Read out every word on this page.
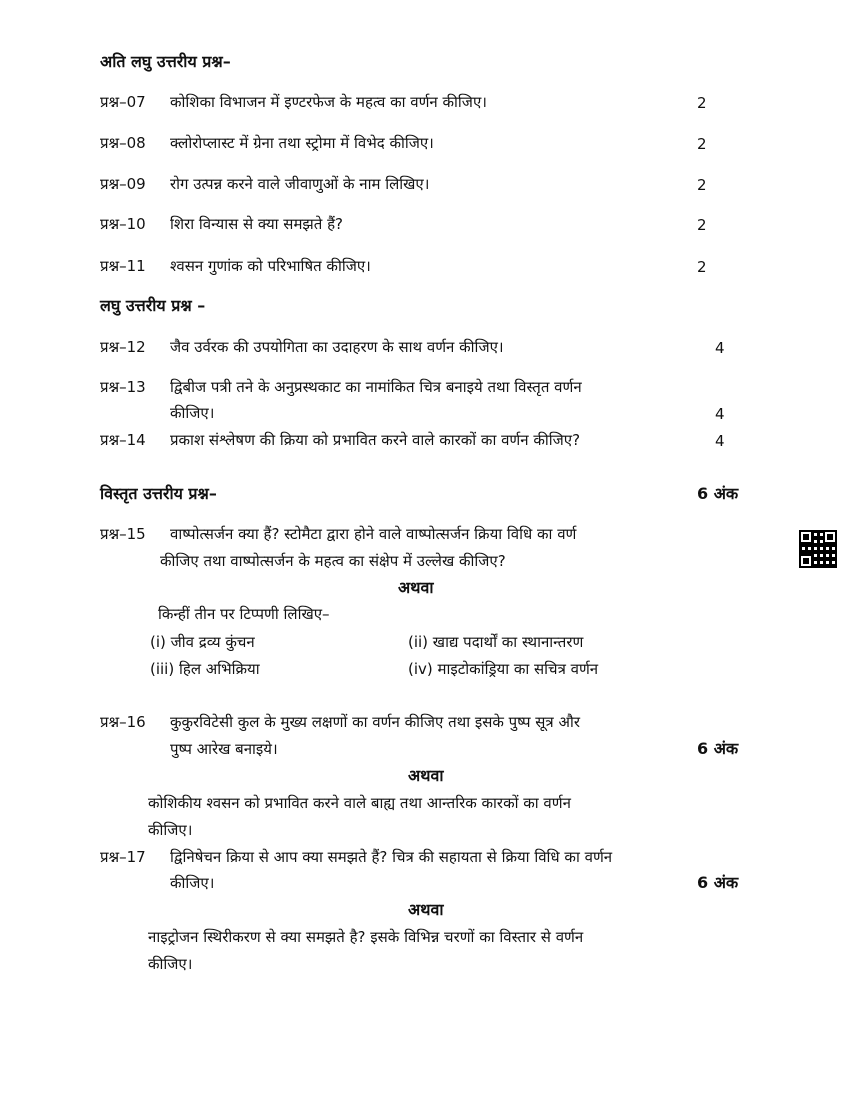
अति लघु उत्तरीय प्रश्न–
प्रश्न–07 कोशिका विभाजन में इण्टरफेज के महत्व का वर्णन कीजिए।	2
प्रश्न–08 क्लोरोप्लास्ट में ग्रेना तथा स्ट्रोमा में विभेद कीजिए।	2
प्रश्न–09 रोग उत्पन्न करने वाले जीवाणुओं के नाम लिखिए।	2
प्रश्न–10 शिरा विन्यास से क्या समझते हैं?	2
प्रश्न–11 श्वसन गुणांक को परिभाषित कीजिए।	2
लघु उत्तरीय प्रश्न –
प्रश्न–12 जैव उर्वरक की उपयोगिता का उदाहरण के साथ वर्णन कीजिए।	4
प्रश्न–13 द्विबीज पत्री तने के अनुप्रस्थकाट का नामांकित चित्र बनाइये तथा विस्तृत वर्णन
कीजिए।	4
प्रश्न–14 प्रकाश संश्लेषण की क्रिया को प्रभावित करने वाले कारकों का वर्णन कीजिए?	4
विस्तृत उत्तरीय प्रश्न–	6 अंक
प्रश्न–15 वाष्पोत्सर्जन क्या हैं? स्टोमैटा द्वारा होने वाले वाष्पोत्सर्जन क्रिया विधि का वर्ण
कीजिए तथा वाष्पोत्सर्जन के महत्व का संक्षेप में उल्लेख कीजिए?
अथवा
किन्हीं तीन पर टिप्पणी लिखिए–
(i) जीव द्रव्य कुंचन	(ii) खाद्य पदार्थों का स्थानान्तरण
(iii) हिल अभिक्रिया	(iv) माइटोकांड्रिया का सचित्र वर्णन
प्रश्न–16 कुकुरविटेसी कुल के मुख्य लक्षणों का वर्णन कीजिए तथा इसके पुष्प सूत्र और
पुष्प आरेख बनाइये।	6 अंक
अथवा
कोशिकीय श्वसन को प्रभावित करने वाले बाह्य तथा आन्तरिक कारकों का वर्णन
कीजिए।
प्रश्न–17 द्विनिषेचन क्रिया से आप क्या समझते हैं? चित्र की सहायता से क्रिया विधि का वर्णन
कीजिए।	6 अंक
अथवा
नाइट्रोजन स्थिरीकरण से क्या समझते है? इसके विभिन्न चरणों का विस्तार से वर्णन
कीजिए।
